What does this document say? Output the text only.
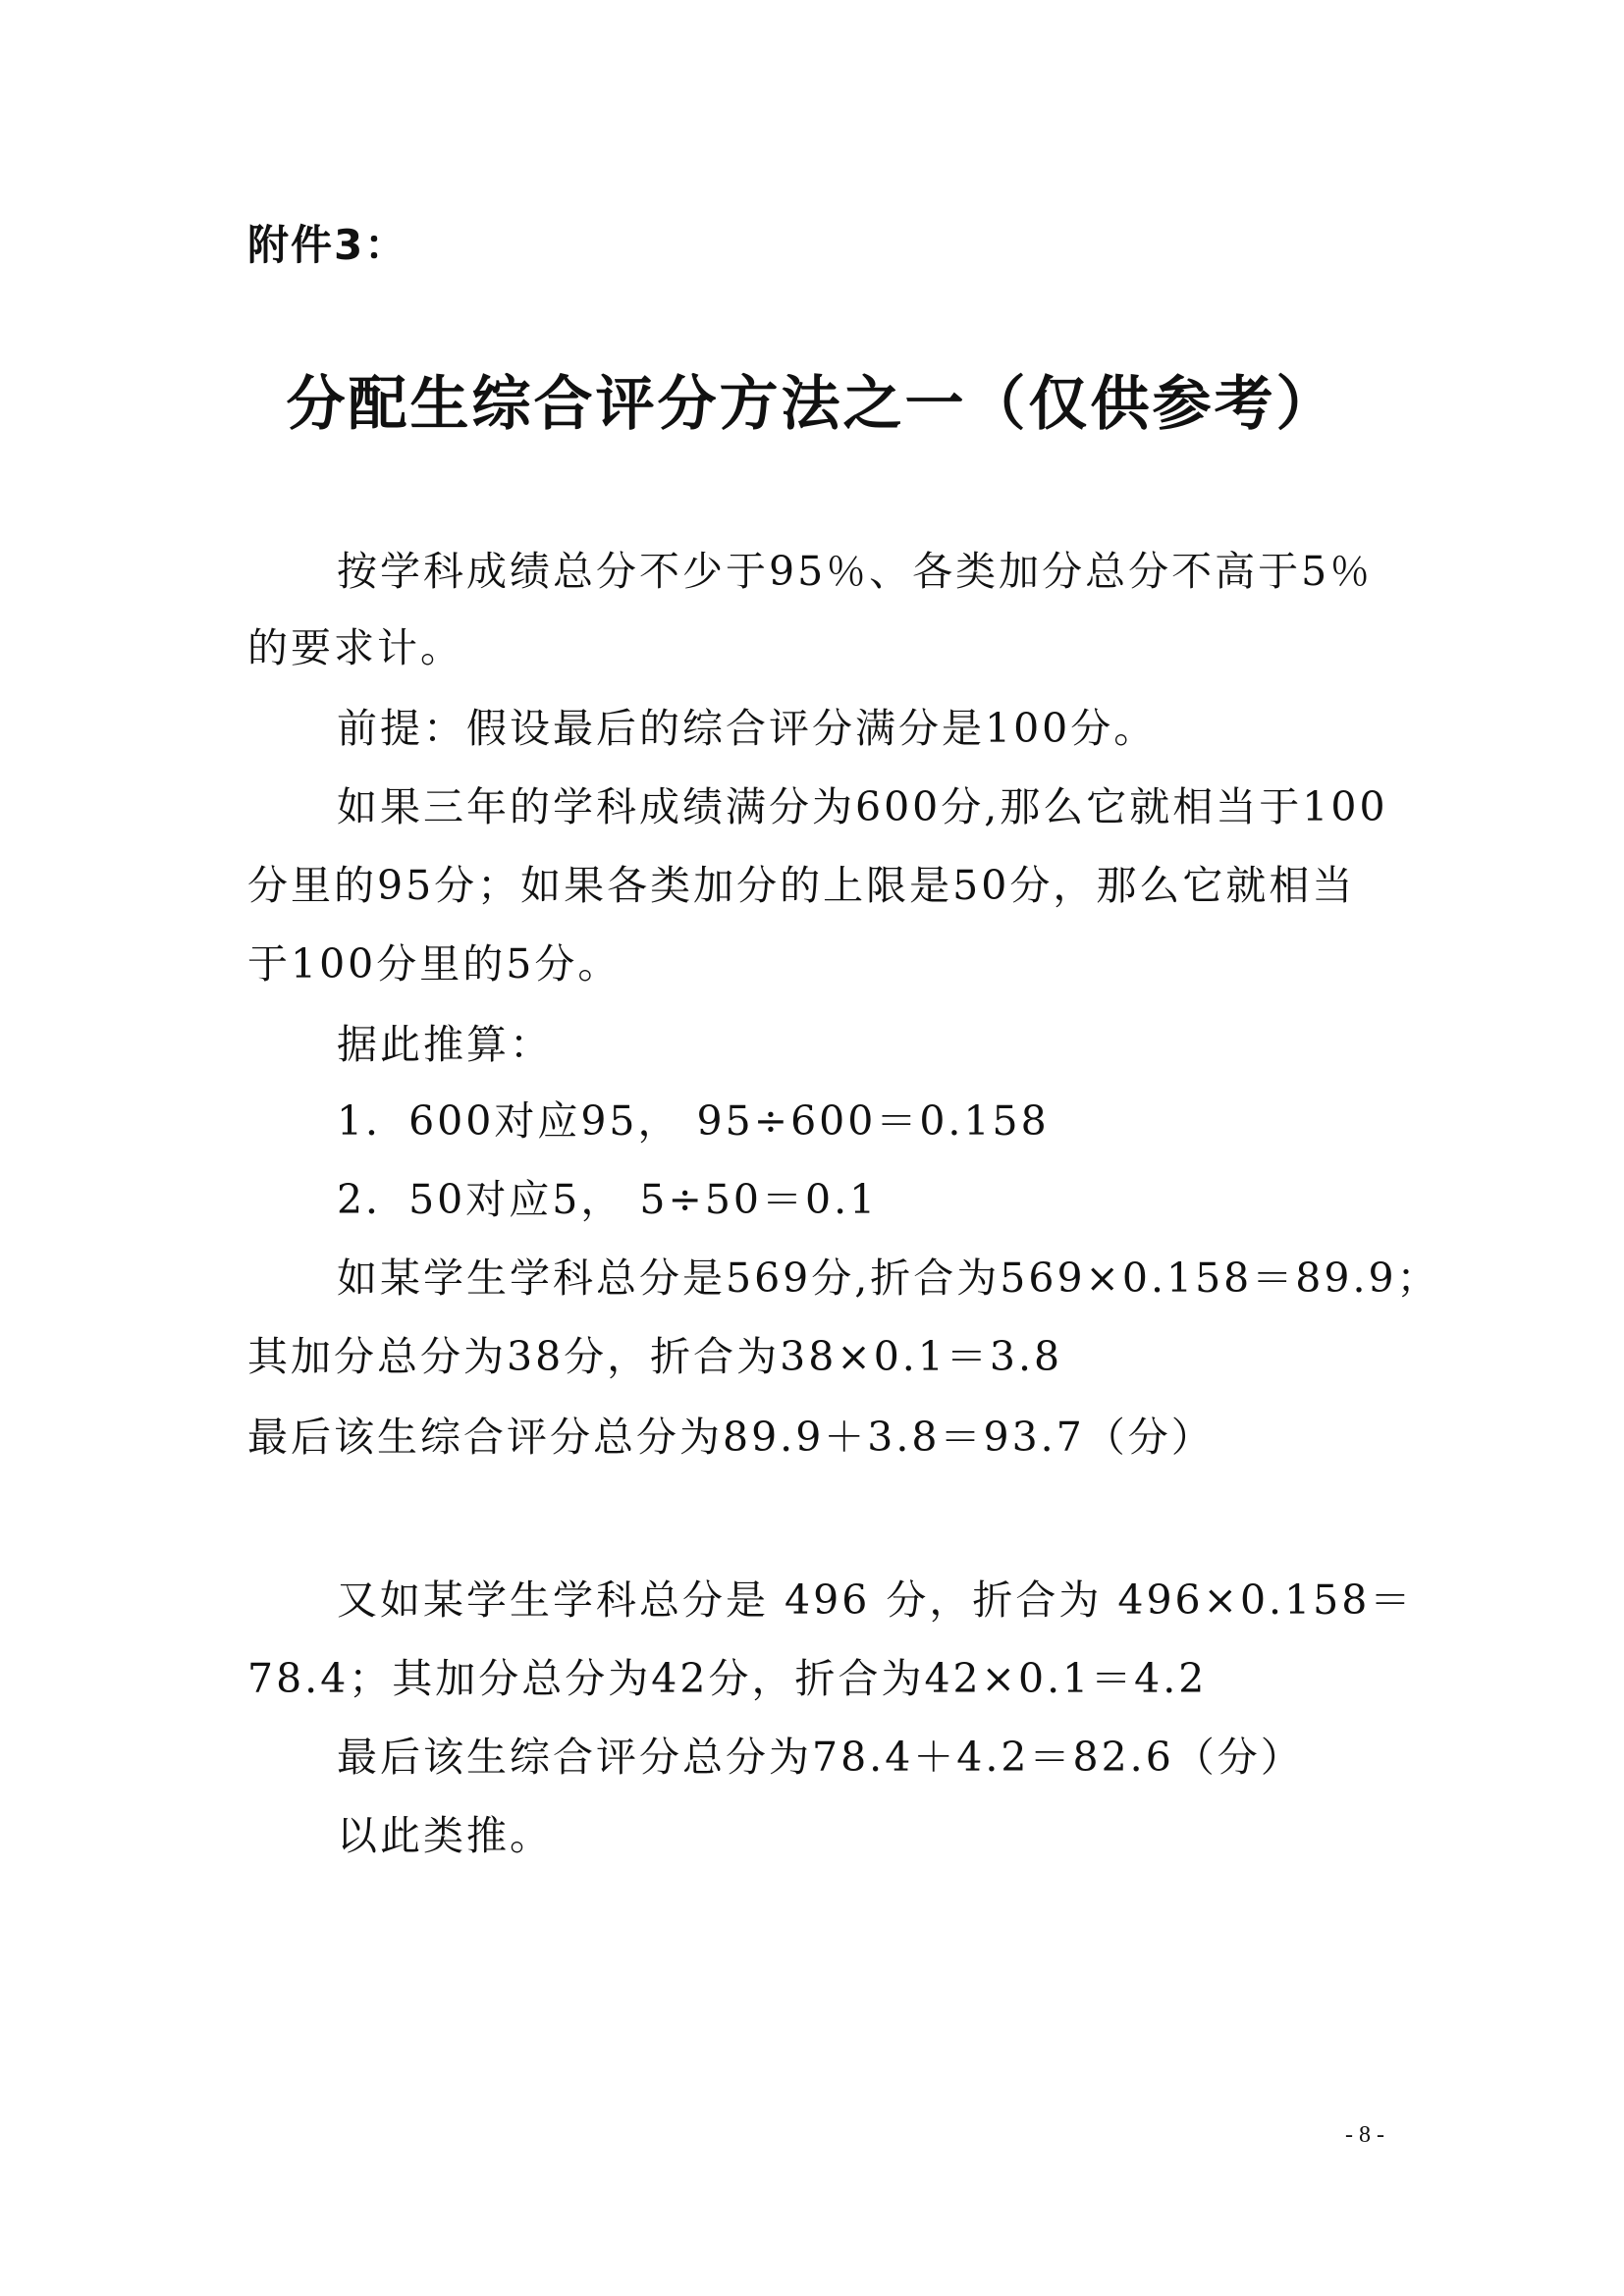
附件3：
分配生综合评分方法之一（仅供参考）
按学科成绩总分不少于95％、各类加分总分不高于5％
的要求计。
前提：假设最后的综合评分满分是100分。
如果三年的学科成绩满分为600分,那么它就相当于100
分里的95分；如果各类加分的上限是50分，那么它就相当
于100分里的5分。
据此推算：
1．600对应95， 95÷600＝0.158
2．50对应5， 5÷50＝0.1
如某学生学科总分是569分,折合为569×0.158＝89.9；
其加分总分为38分，折合为38×0.1＝3.8
最后该生综合评分总分为89.9＋3.8＝93.7（分）
又如某学生学科总分是 496 分，折合为 496×0.158＝
78.4；其加分总分为42分，折合为42×0.1＝4.2
最后该生综合评分总分为78.4＋4.2＝82.6（分）
以此类推。
- 8 -
